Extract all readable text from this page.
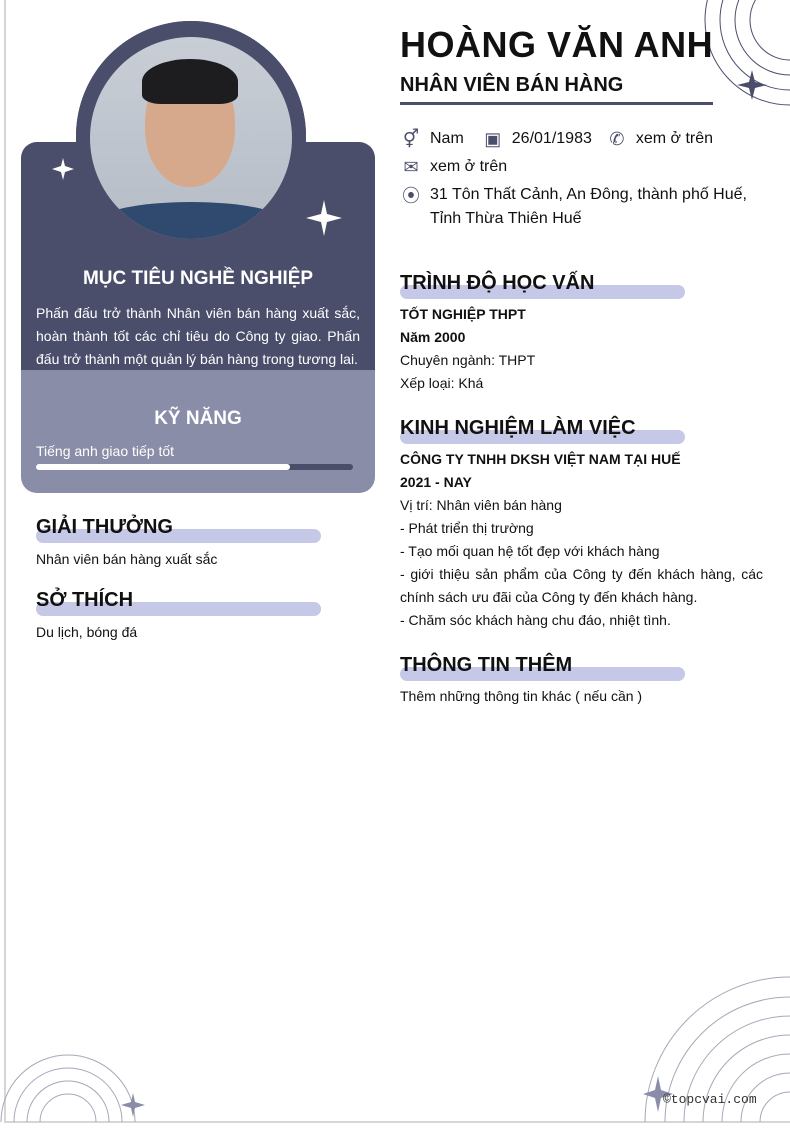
MỤC TIÊU NGHỀ NGHIỆP
Phấn đấu trở thành Nhân viên bán hàng xuất sắc, hoàn thành tốt các chỉ tiêu do Công ty giao. Phấn đấu trở thành một quản lý bán hàng trong tương lai.
KỸ NĂNG
Tiếng anh giao tiếp tốt
GIẢI THƯỞNG
Nhân viên bán hàng xuất sắc
SỞ THÍCH
Du lịch, bóng đá
HOÀNG VĂN ANH
NHÂN VIÊN BÁN HÀNG
⚥ Nam ▣ 26/01/1983 ✆ xem ở trên
✉ xem ở trên
⦿ 31 Tôn Thất Cảnh, An Đông, thành phố Huế,
Tỉnh Thừa Thiên Huế
TRÌNH ĐỘ HỌC VẤN
TỐT NGHIỆP THPT
Năm 2000
Chuyên ngành: THPT
Xếp loại: Khá
KINH NGHIỆM LÀM VIỆC
CÔNG TY TNHH DKSH VIỆT NAM TẠI HUẾ
2021 - NAY
Vị trí: Nhân viên bán hàng
- Phát triển thị trường
- Tạo mối quan hệ tốt đẹp với khách hàng
- giới thiệu sản phẩm của Công ty đến khách hàng, các chính sách ưu đãi của Công ty đến khách hàng.
- Chăm sóc khách hàng chu đáo, nhiệt tình.
THÔNG TIN THÊM
Thêm những thông tin khác ( nếu cần )
©topcvai.com
